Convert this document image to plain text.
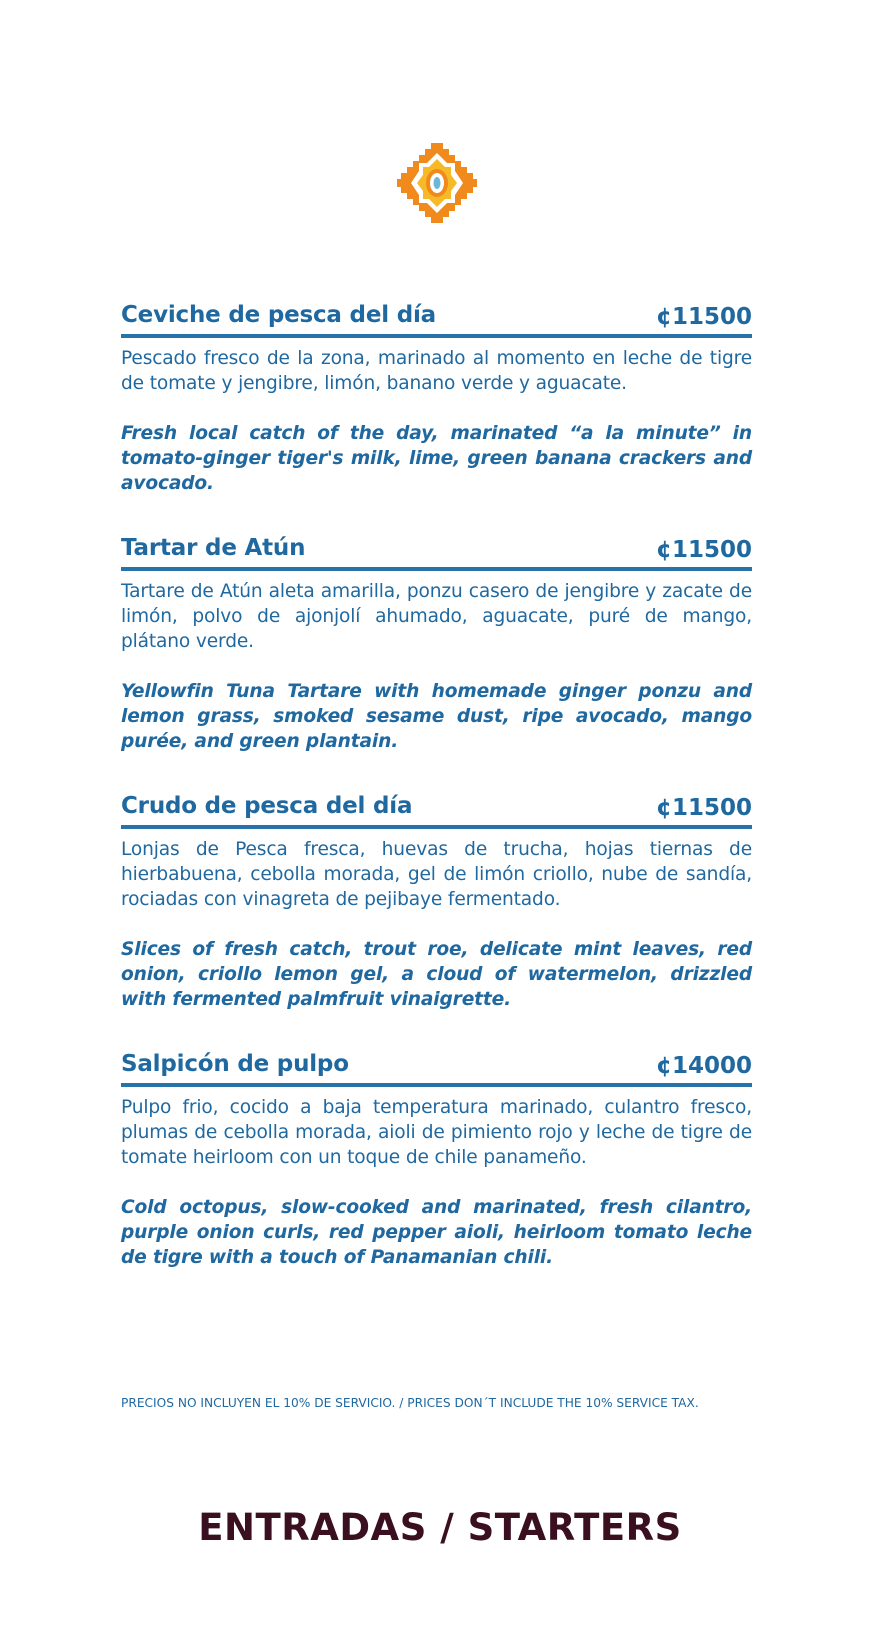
Ceviche de pesca del día	¢11500
Pescado fresco de la zona, marinado al momento en leche de tigre de tomate y jengibre, limón, banano verde y aguacate.
Fresh local catch of the day, marinated “a la minute” in tomato-ginger tiger's milk, lime, green banana crackers and avocado.
Tartar de Atún	¢11500
Tartare de Atún aleta amarilla, ponzu casero de jengibre y zacate de limón, polvo de ajonjolí ahumado, aguacate, puré de mango, plátano verde.
Yellowfin Tuna Tartare with homemade ginger ponzu and lemon grass, smoked sesame dust, ripe avocado, mango purée, and green plantain.
Crudo de pesca del día	¢11500
Lonjas de Pesca fresca, huevas de trucha, hojas tiernas de hierbabuena, cebolla morada, gel de limón criollo, nube de sandía, rociadas con vinagreta de pejibaye fermentado.
Slices of fresh catch, trout roe, delicate mint leaves, red onion, criollo lemon gel, a cloud of watermelon, drizzled with fermented palmfruit vinaigrette.
Salpicón de pulpo	¢14000
Pulpo frio, cocido a baja temperatura marinado, culantro fresco, plumas de cebolla morada, aioli de pimiento rojo y leche de tigre de tomate heirloom con un toque de chile panameño.
Cold octopus, slow-cooked and marinated, fresh cilantro, purple onion curls, red pepper aioli, heirloom tomato leche de tigre with a touch of Panamanian chili.
PRECIOS NO INCLUYEN EL 10% DE SERVICIO. / PRICES DON´T INCLUDE THE 10% SERVICE TAX.
ENTRADAS / STARTERS
